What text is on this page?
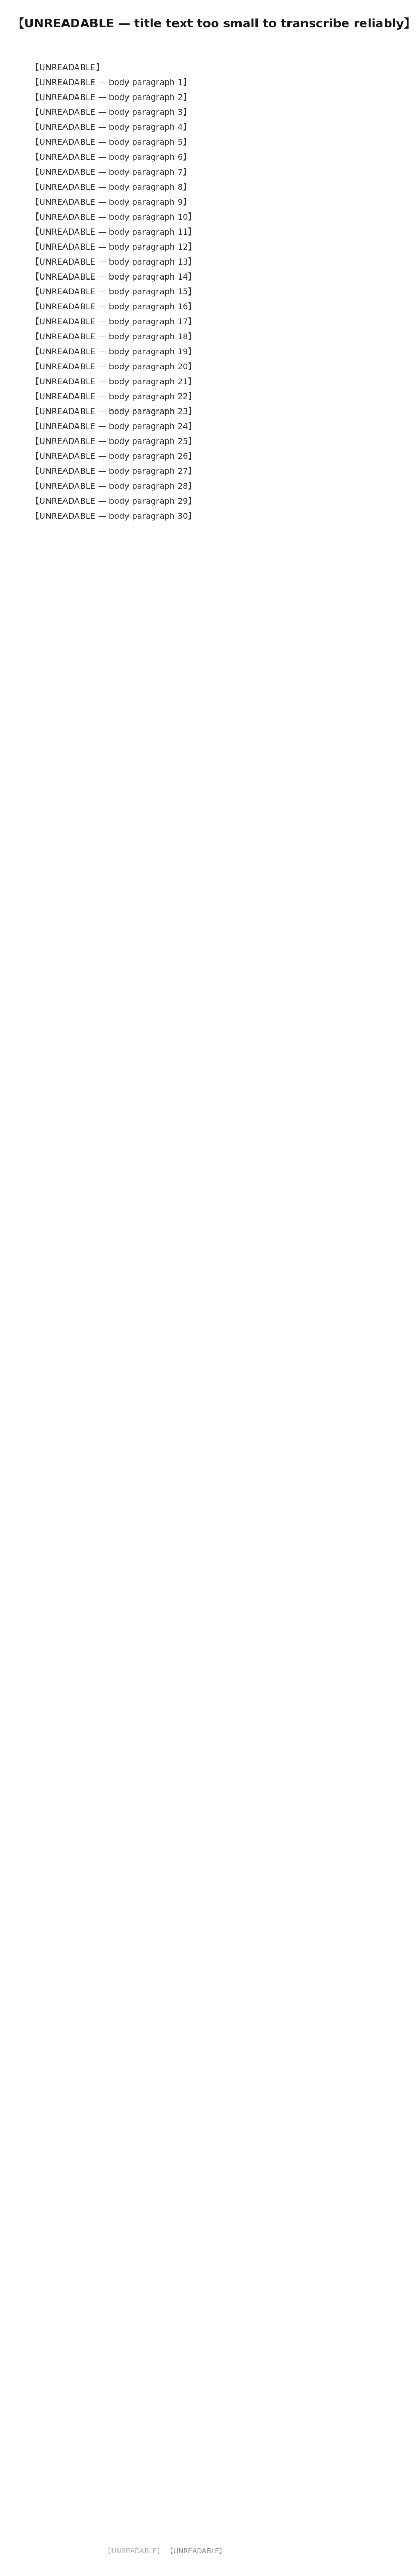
【UNREADABLE — title text too small to transcribe reliably】

【UNREADABLE】

【UNREADABLE — body paragraph 1】

【UNREADABLE — body paragraph 2】

【UNREADABLE — body paragraph 3】

【UNREADABLE — body paragraph 4】

【UNREADABLE — body paragraph 5】

【UNREADABLE — body paragraph 6】

【UNREADABLE — body paragraph 7】

【UNREADABLE — body paragraph 8】

【UNREADABLE — body paragraph 9】

【UNREADABLE — body paragraph 10】

【UNREADABLE — body paragraph 11】

【UNREADABLE — body paragraph 12】

【UNREADABLE — body paragraph 13】

【UNREADABLE — body paragraph 14】

【UNREADABLE — body paragraph 15】

【UNREADABLE — body paragraph 16】

【UNREADABLE — body paragraph 17】

【UNREADABLE — body paragraph 18】

【UNREADABLE — body paragraph 19】

【UNREADABLE — body paragraph 20】

【UNREADABLE — body paragraph 21】

【UNREADABLE — body paragraph 22】

【UNREADABLE — body paragraph 23】

【UNREADABLE — body paragraph 24】

【UNREADABLE — body paragraph 25】

【UNREADABLE — body paragraph 26】

【UNREADABLE — body paragraph 27】

【UNREADABLE — body paragraph 28】

【UNREADABLE — body paragraph 29】

【UNREADABLE — body paragraph 30】

【UNREADABLE】 【UNREADABLE】
